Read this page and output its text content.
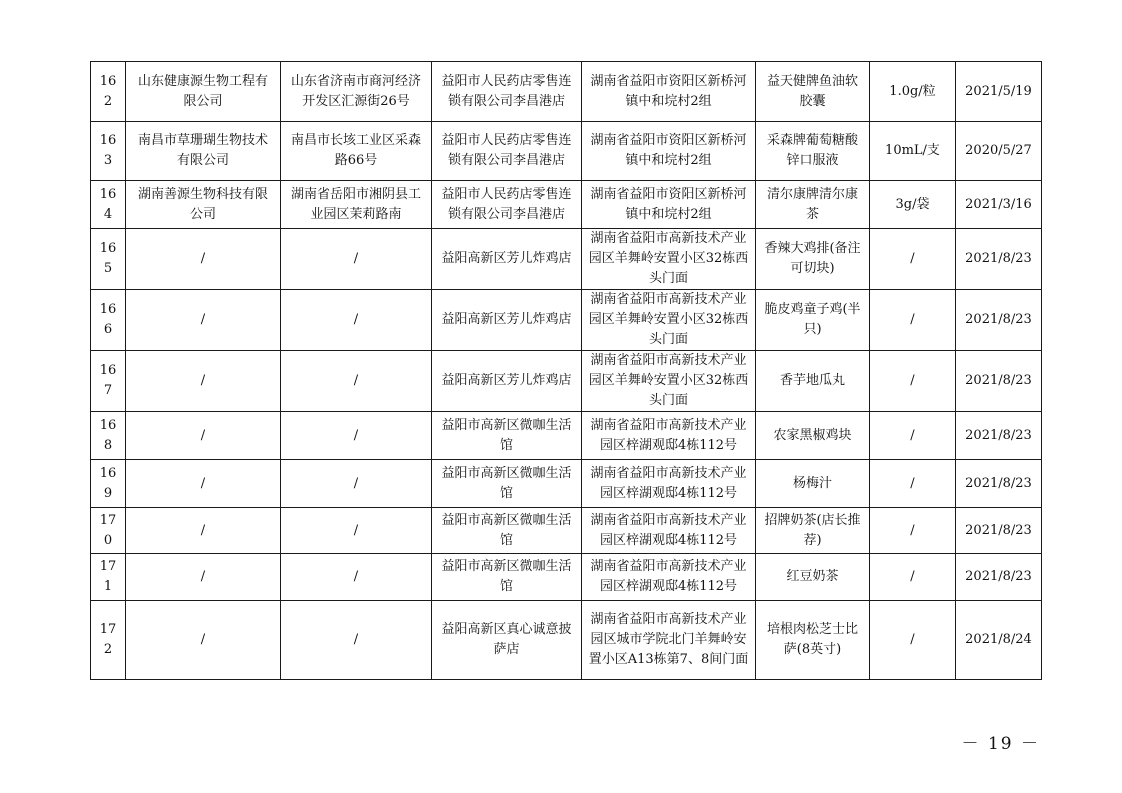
162	山东健康源生物工程有限公司	山东省济南市商河经济开发区汇源街26号	益阳市人民药店零售连锁有限公司李昌港店	湖南省益阳市资阳区新桥河镇中和垸村2组	益天健牌鱼油软胶囊	1.0g/粒	2021/5/19
163	南昌市草珊瑚生物技术有限公司	南昌市长垓工业区采森路66号	益阳市人民药店零售连锁有限公司李昌港店	湖南省益阳市资阳区新桥河镇中和垸村2组	采森牌葡萄糖酸锌口服液	10mL/支	2020/5/27
164	湖南善源生物科技有限公司	湖南省岳阳市湘阴县工业园区茉莉路南	益阳市人民药店零售连锁有限公司李昌港店	湖南省益阳市资阳区新桥河镇中和垸村2组	清尔康牌清尔康茶	3g/袋	2021/3/16
165	/	/	益阳高新区芳儿炸鸡店	湖南省益阳市高新技术产业园区羊舞岭安置小区32栋西头门面	香辣大鸡排(备注可切块)	/	2021/8/23
166	/	/	益阳高新区芳儿炸鸡店	湖南省益阳市高新技术产业园区羊舞岭安置小区32栋西头门面	脆皮鸡童子鸡(半只)	/	2021/8/23
167	/	/	益阳高新区芳儿炸鸡店	湖南省益阳市高新技术产业园区羊舞岭安置小区32栋西头门面	香芋地瓜丸	/	2021/8/23
168	/	/	益阳市高新区微咖生活馆	湖南省益阳市高新技术产业园区梓湖观邸4栋112号	农家黑椒鸡块	/	2021/8/23
169	/	/	益阳市高新区微咖生活馆	湖南省益阳市高新技术产业园区梓湖观邸4栋112号	杨梅汁	/	2021/8/23
170	/	/	益阳市高新区微咖生活馆	湖南省益阳市高新技术产业园区梓湖观邸4栋112号	招牌奶茶(店长推荐)	/	2021/8/23
171	/	/	益阳市高新区微咖生活馆	湖南省益阳市高新技术产业园区梓湖观邸4栋112号	红豆奶茶	/	2021/8/23
172	/	/	益阳高新区真心诚意披萨店	湖南省益阳市高新技术产业园区城市学院北门羊舞岭安置小区A13栋第7、8间门面	培根肉松芝士比萨(8英寸)	/	2021/8/24
－ 19 －
